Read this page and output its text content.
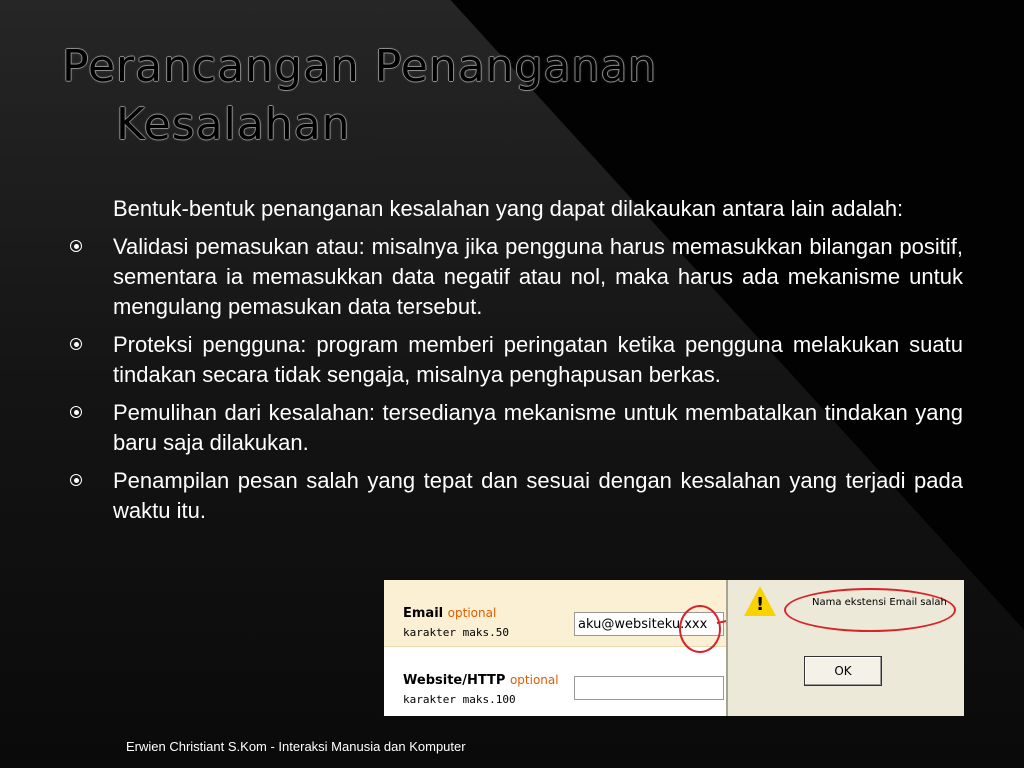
Perancangan Penanganan
Kesalahan
Bentuk-bentuk penanganan kesalahan yang dapat dilakaukan antara lain adalah:
Validasi pemasukan atau: misalnya jika pengguna harus memasukkan bilangan positif, sementara ia memasukkan data negatif atau nol, maka harus ada mekanisme untuk mengulang pemasukan data tersebut.
Proteksi pengguna: program memberi peringatan ketika pengguna melakukan suatu tindakan secara tidak sengaja, misalnya penghapusan berkas.
Pemulihan dari kesalahan: tersedianya mekanisme untuk membatalkan tindakan yang baru saja dilakukan.
Penampilan pesan salah yang tepat dan sesuai dengan kesalahan yang terjadi pada waktu itu.
Email optional
karakter maks.50
aku@websiteku.xxx
Website/HTTP optional
karakter maks.100
!	Nama ekstensi Email salah
OK
Erwien Christiant S.Kom - Interaksi Manusia dan Komputer
